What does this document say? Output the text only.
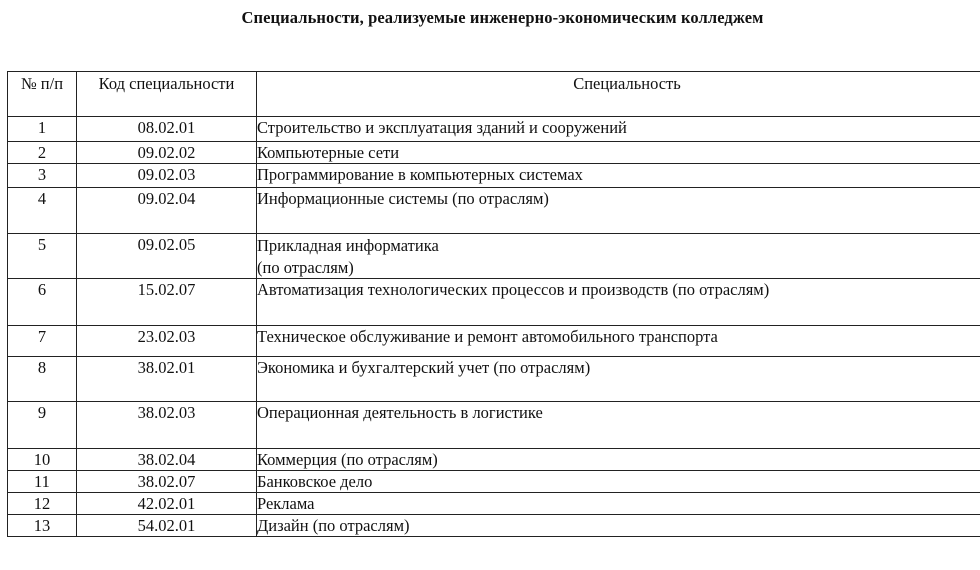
Специальности, реализуемые инженерно-экономическим колледжем
№ п/п	Код специальности	Специальность
1	08.02.01	Строительство и эксплуатация зданий и сооружений
2	09.02.02	Компьютерные сети
3	09.02.03	Программирование в компьютерных системах
4	09.02.04	Информационные системы (по отраслям)
5	09.02.05	Прикладная информатика
(по отраслям)

6	15.02.07	Автоматизация технологических процессов и производств (по отраслям)
7	23.02.03	Техническое обслуживание и ремонт автомобильного транспорта
8	38.02.01	Экономика и бухгалтерский учет (по отраслям)
9	38.02.03	Операционная деятельность в логистике
10	38.02.04	Коммерция (по отраслям)
11	38.02.07	Банковское дело
12	42.02.01	Реклама
13	54.02.01	Дизайн (по отраслям)
